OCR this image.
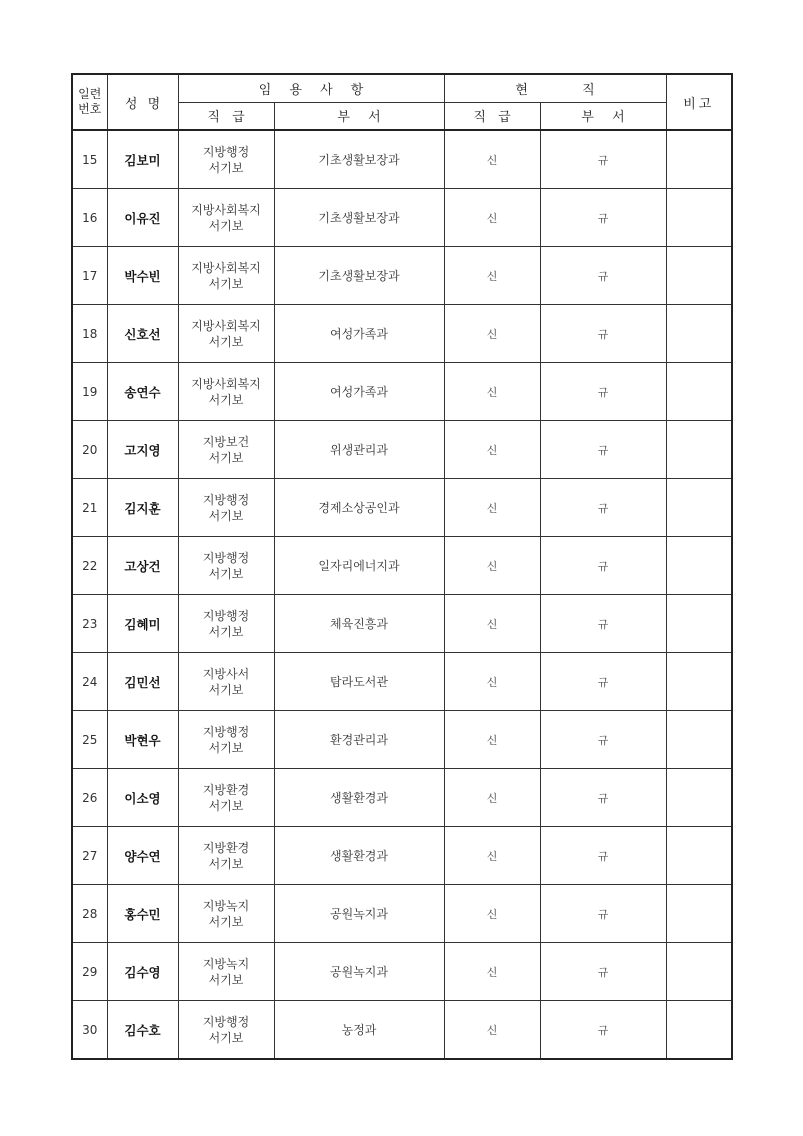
일련
번호	성 명	임 용 사 항		현 직		비고
		직 급	부 서	직 급	부 서	
15	김보미	지방행정
서기보	기초생활보장과	신	규	
16	이유진	지방사회복지
서기보	기초생활보장과	신	규	
17	박수빈	지방사회복지
서기보	기초생활보장과	신	규	
18	신호선	지방사회복지
서기보	여성가족과	신	규	
19	송연수	지방사회복지
서기보	여성가족과	신	규	
20	고지영	지방보건
서기보	위생관리과	신	규	
21	김지훈	지방행정
서기보	경제소상공인과	신	규	
22	고상건	지방행정
서기보	일자리에너지과	신	규	
23	김혜미	지방행정
서기보	체육진흥과	신	규	
24	김민선	지방사서
서기보	탐라도서관	신	규	
25	박현우	지방행정
서기보	환경관리과	신	규	
26	이소영	지방환경
서기보	생활환경과	신	규	
27	양수연	지방환경
서기보	생활환경과	신	규	
28	홍수민	지방녹지
서기보	공원녹지과	신	규	
29	김수영	지방녹지
서기보	공원녹지과	신	규	
30	김수호	지방행정
서기보	농정과	신	규	
